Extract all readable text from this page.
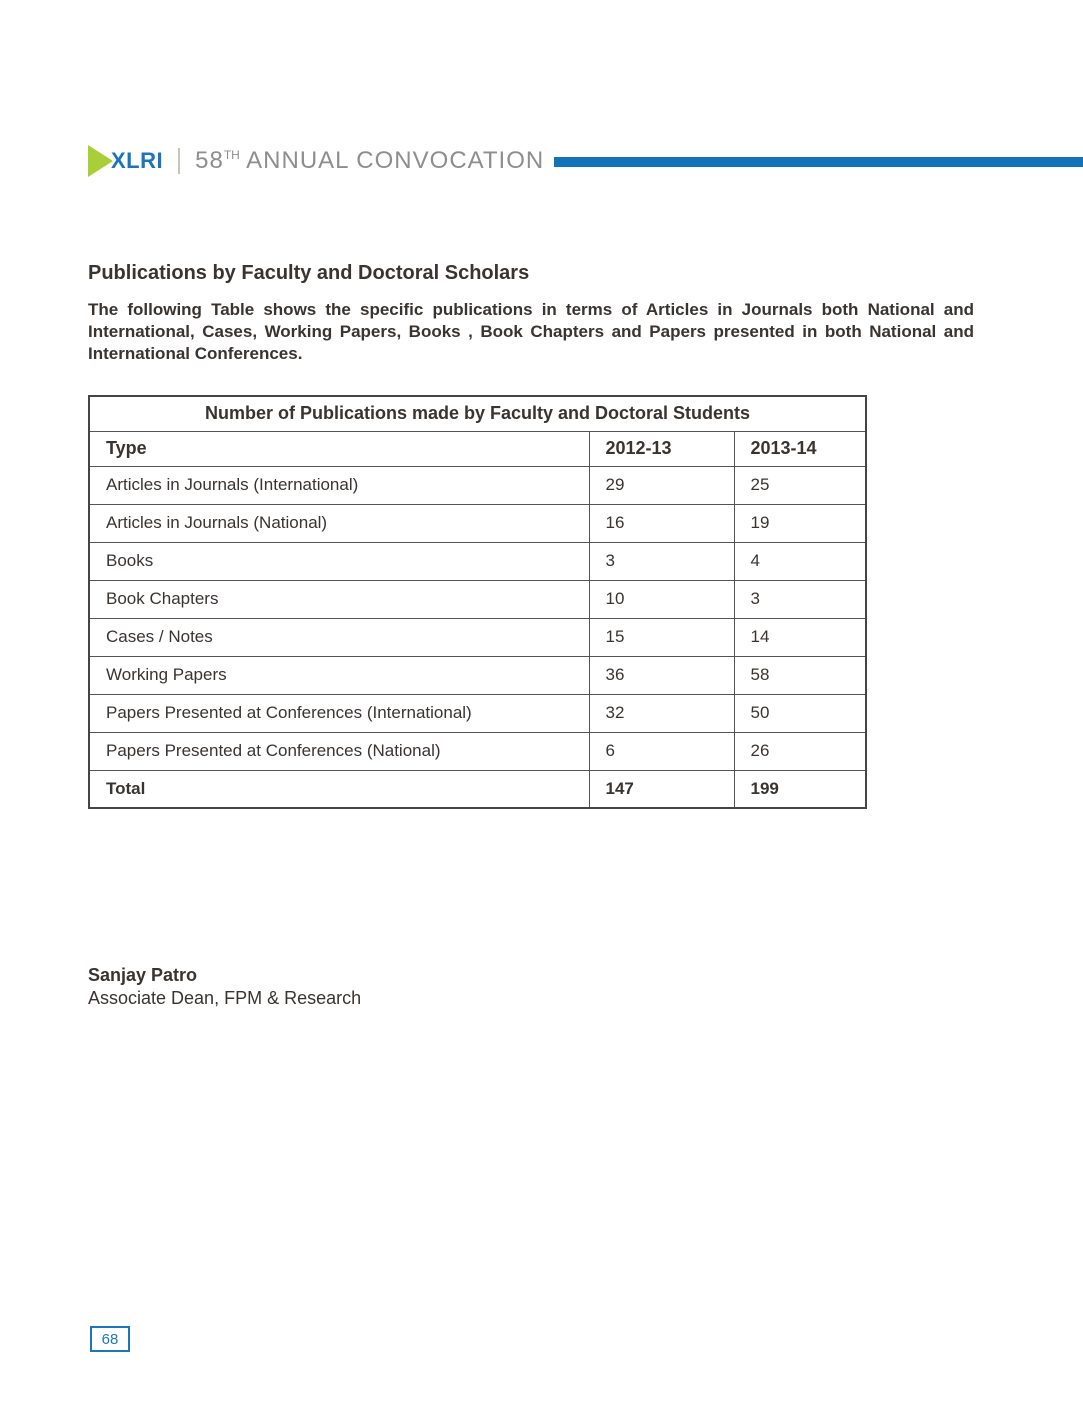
XLRI 58TH ANNUAL CONVOCATION
Publications by Faculty and Doctoral Scholars
The following Table shows the specific publications in terms of Articles in Journals both National and International, Cases, Working Papers, Books , Book Chapters and Papers presented in both National and International Conferences.
Number of Publications made by Faculty and Doctoral Students		
Type	2012-13	2013-14
Articles in Journals (International)	29	25
Articles in Journals (National)	16	19
Books	3	4
Book Chapters	10	3
Cases / Notes	15	14
Working Papers	36	58
Papers Presented at Conferences (International)	32	50
Papers Presented at Conferences (National)	6	26
Total	147	199
Sanjay Patro
Associate Dean, FPM & Research
68
